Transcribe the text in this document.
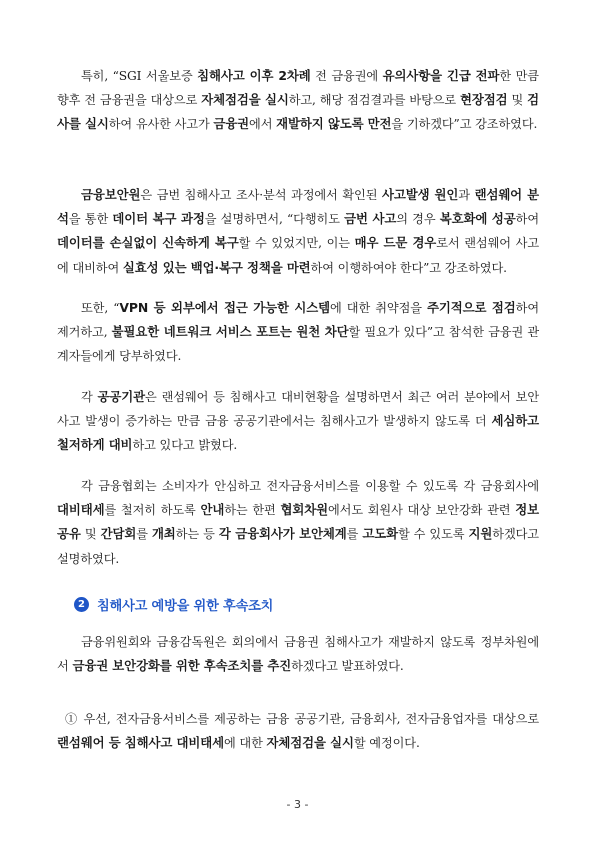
특히, “SGI 서울보증 침해사고 이후 2차례 전 금융권에 유의사항을 긴급 전파한 만큼 향후 전 금융권을 대상으로 자체점검을 실시하고, 해당 점검결과를 바탕으로 현장점검 및 검사를 실시하여 유사한 사고가 금융권에서 재발하지 않도록 만전을 기하겠다”고 강조하였다.

금융보안원은 금번 침해사고 조사·분석 과정에서 확인된 사고발생 원인과 랜섬웨어 분석을 통한 데이터 복구 과정을 설명하면서, “다행히도 금번 사고의 경우 복호화에 성공하여 데이터를 손실없이 신속하게 복구할 수 있었지만, 이는 매우 드문 경우로서 랜섬웨어 사고에 대비하여 실효성 있는 백업·복구 정책을 마련하여 이행하여야 한다”고 강조하였다.

또한, “VPN 등 외부에서 접근 가능한 시스템에 대한 취약점을 주기적으로 점검하여 제거하고, 불필요한 네트워크 서비스 포트는 원천 차단할 필요가 있다”고 참석한 금융권 관계자들에게 당부하였다.

각 공공기관은 랜섬웨어 등 침해사고 대비현황을 설명하면서 최근 여러 분야에서 보안사고 발생이 증가하는 만큼 금융 공공기관에서는 침해사고가 발생하지 않도록 더 세심하고 철저하게 대비하고 있다고 밝혔다.

각 금융협회는 소비자가 안심하고 전자금융서비스를 이용할 수 있도록 각 금융회사에 대비태세를 철저히 하도록 안내하는 한편 협회차원에서도 회원사 대상 보안강화 관련 정보공유 및 간담회를 개최하는 등 각 금융회사가 보안체계를 고도화할 수 있도록 지원하겠다고 설명하였다.

2 침해사고 예방을 위한 후속조치

금융위원회와 금융감독원은 회의에서 금융권 침해사고가 재발하지 않도록 정부차원에서 금융권 보안강화를 위한 후속조치를 추진하겠다고 발표하였다.

① 우선, 전자금융서비스를 제공하는 금융 공공기관, 금융회사, 전자금융업자를 대상으로 랜섬웨어 등 침해사고 대비태세에 대한 자체점검을 실시할 예정이다.

- 3 -
